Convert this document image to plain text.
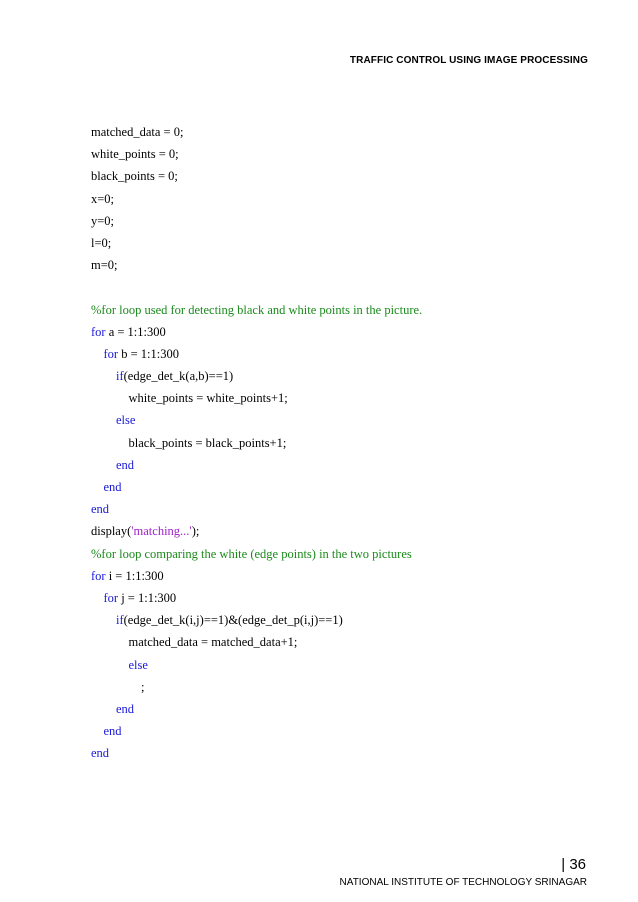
TRAFFIC CONTROL USING IMAGE PROCESSING
matched_data = 0;
white_points = 0;
black_points = 0;
x=0;
y=0;
l=0;
m=0;
%for loop used for detecting black and white points in the picture.
for a = 1:1:300
for b = 1:1:300
if(edge_det_k(a,b)==1)
white_points = white_points+1;
else
black_points = black_points+1;
end
end
end
display('matching...');
%for loop comparing the white (edge points) in the two pictures
for i = 1:1:300
for j = 1:1:300
if(edge_det_k(i,j)==1)&(edge_det_p(i,j)==1)
matched_data = matched_data+1;
else
;
end
end
end
| 36
NATIONAL INSTITUTE OF TECHNOLOGY SRINAGAR
